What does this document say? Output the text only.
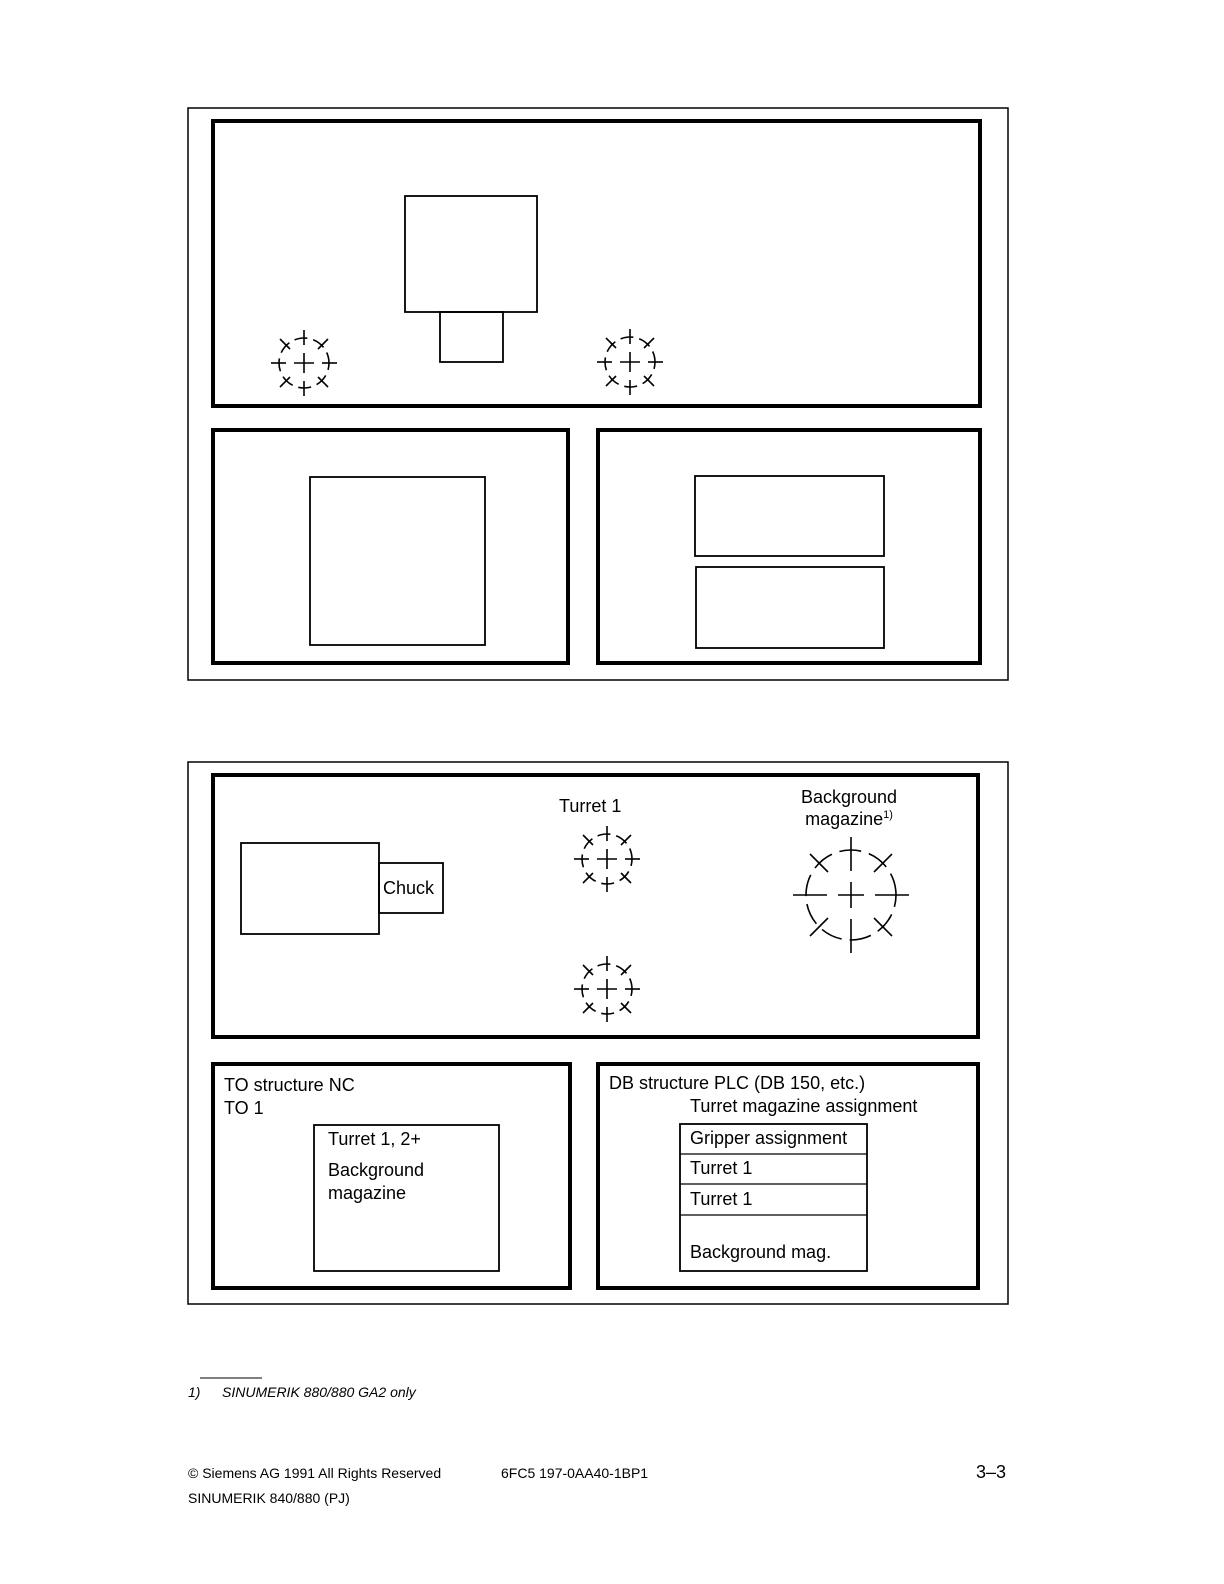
Turret 1	Background
magazine$^{1)}$
Chuck
TO structure NC
TO 1
Turret 1, 2+
Background
magazine
DB structure PLC (DB 150, etc.)
Turret magazine assignment
Gripper assignment
Turret 1
Turret 1
Background mag.
1) SINUMERIK 880/880 GA2 only
© Siemens AG 1991 All Rights Reserved	6FC5 197-0AA40-1BP1
SINUMERIK 840/880 (PJ)
3–3
